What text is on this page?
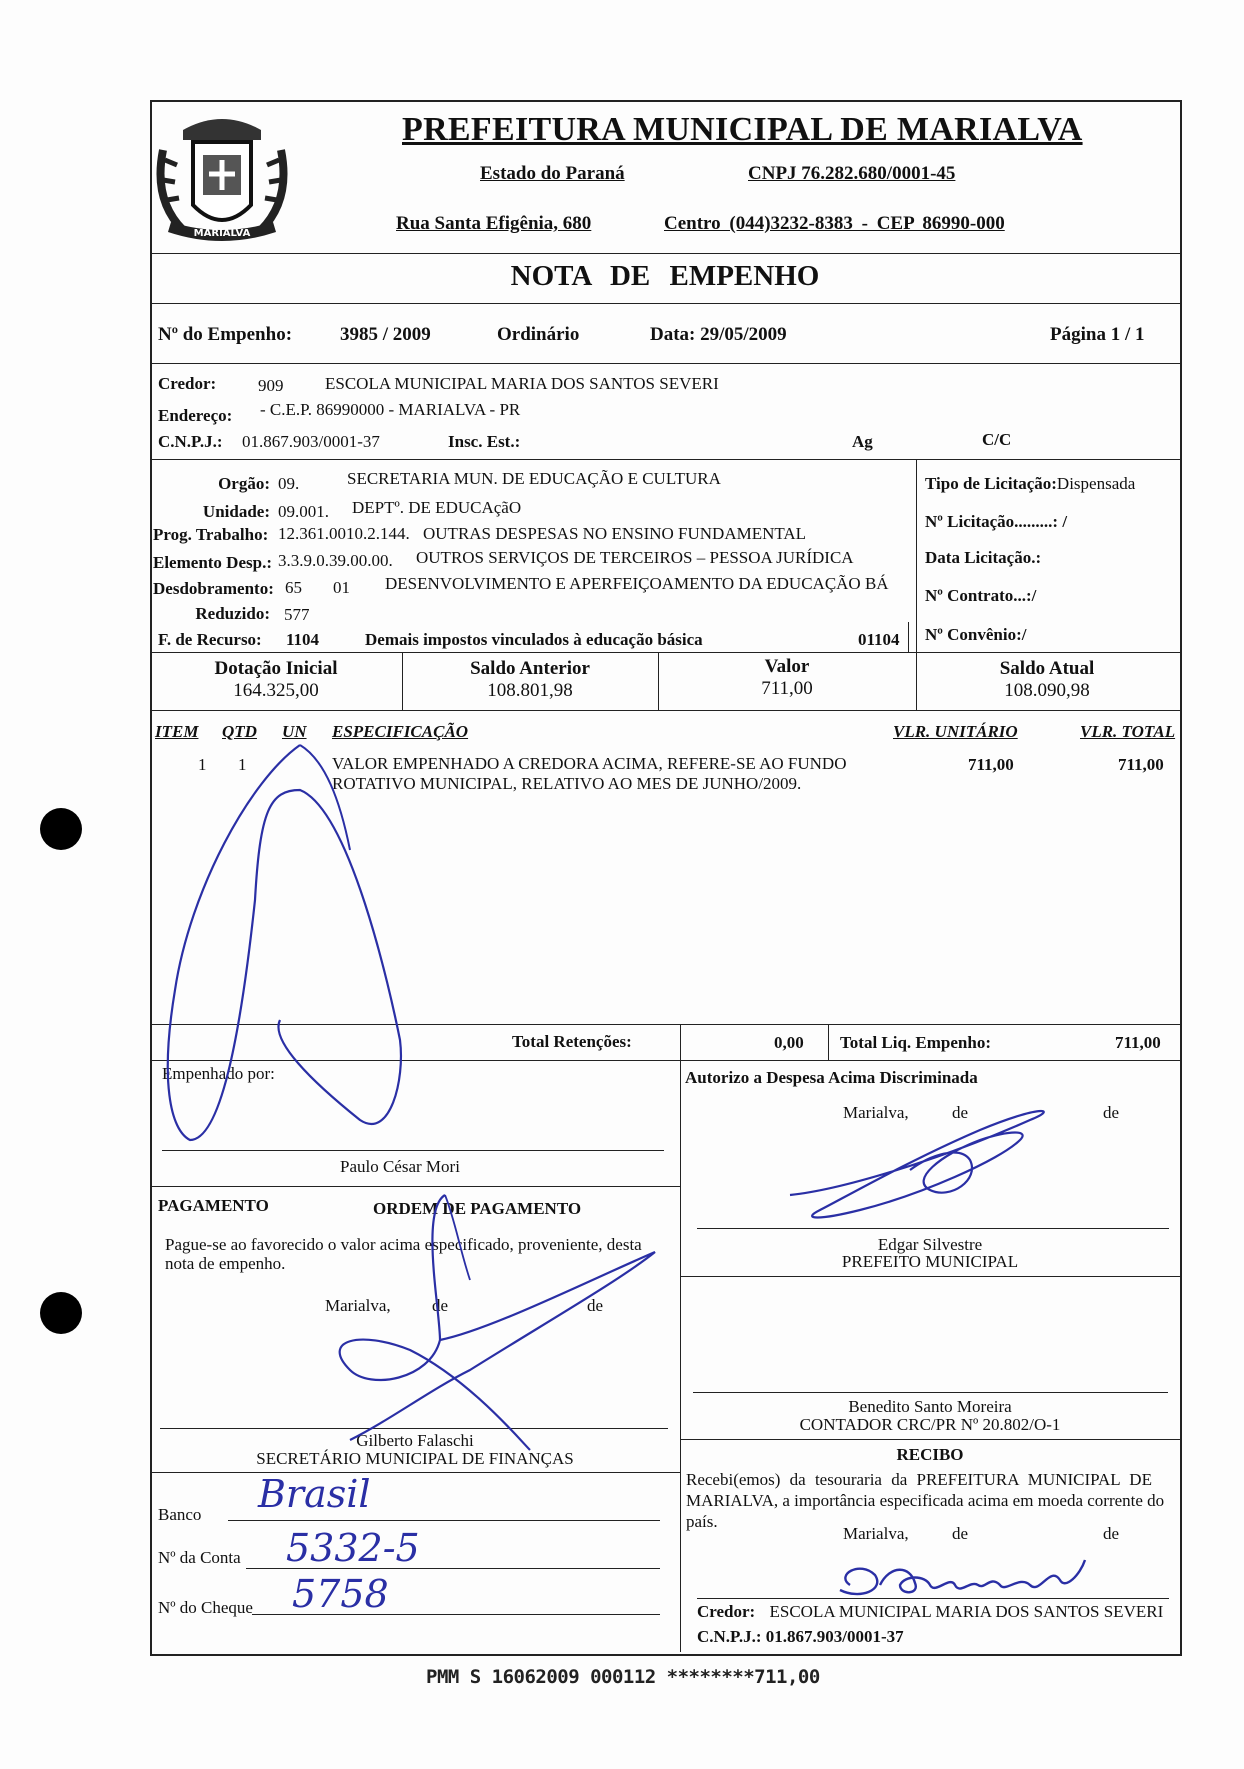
MARIALVA
PREFEITURA MUNICIPAL DE MARIALVA
Estado do Paraná	CNPJ 76.282.680/0001-45
Rua Santa Efigênia, 680	Centro (044)3232-8383 - CEP 86990-000
NOTA DE EMPENHO
Nº do Empenho:	3985 / 2009	Ordinário	Data: 29/05/2009	Página 1 / 1
Credor: 909 ESCOLA MUNICIPAL MARIA DOS SANTOS SEVERI
Endereço: - C.E.P. 86990000 - MARIALVA - PR
C.N.P.J.: 01.867.903/0001-37	Insc. Est.:	Ag	C/C
Orgão: 09.	SECRETARIA MUN. DE EDUCAÇÃO E CULTURA
Unidade: 09.001. DEPTº. DE EDUCAçãO
Prog. Trabalho: 12.361.0010.2.144. OUTRAS DESPESAS NO ENSINO FUNDAMENTAL
Elemento Desp.: 3.3.9.0.39.00.00. OUTROS SERVIÇOS DE TERCEIROS – PESSOA JURÍDICA
Desdobramento: 65 01 DESENVOLVIMENTO E APERFEIÇOAMENTO DA EDUCAÇÃO BÁ
Reduzido: 577
F. de Recurso: 1104	Demais impostos vinculados à educação básica	01104
Tipo de Licitação:Dispensada
Nº Licitação.........: /
Data Licitação.:
Nº Contrato...:/
Nº Convênio:/
Dotação Inicial
164.325,00
Saldo Anterior
108.801,98
Valor
711,00
Saldo Atual
108.090,98
ITEM QTD UN ESPECIFICAÇÃO	VLR. UNITÁRIO	VLR. TOTAL
1 1	VALOR EMPENHADO A CREDORA ACIMA, REFERE-SE AO FUNDO
ROTATIVO MUNICIPAL, RELATIVO AO MES DE JUNHO/2009.
711,00	711,00
Total Retenções:	0,00 Total Liq. Empenho:	711,00
Empenhado por:
Paulo César Mori
Autorizo a Despesa Acima Discriminada
Marialva,	de	de
Edgar Silvestre
PREFEITO MUNICIPAL
PAGAMENTO	ORDEM DE PAGAMENTO
Pague-se ao favorecido o valor acima especificado, proveniente, desta
nota de empenho.
Marialva, de	de
Gilberto Falaschi
SECRETÁRIO MUNICIPAL DE FINANÇAS
Benedito Santo Moreira
CONTADOR CRC/PR Nº 20.802/O-1
Banco Brasil
Nº da Conta 5332-5
Nº do Cheque 5758
RECIBO
Recebi(emos) da tesouraria da PREFEITURA MUNICIPAL DE
MARIALVA, a importância especificada acima em moeda corrente do
país.
Marialva,	de	de
Credor: ESCOLA MUNICIPAL MARIA DOS SANTOS SEVERI
C.N.P.J.: 01.867.903/0001-37
PMM S 16062009 000112 ********711,00
